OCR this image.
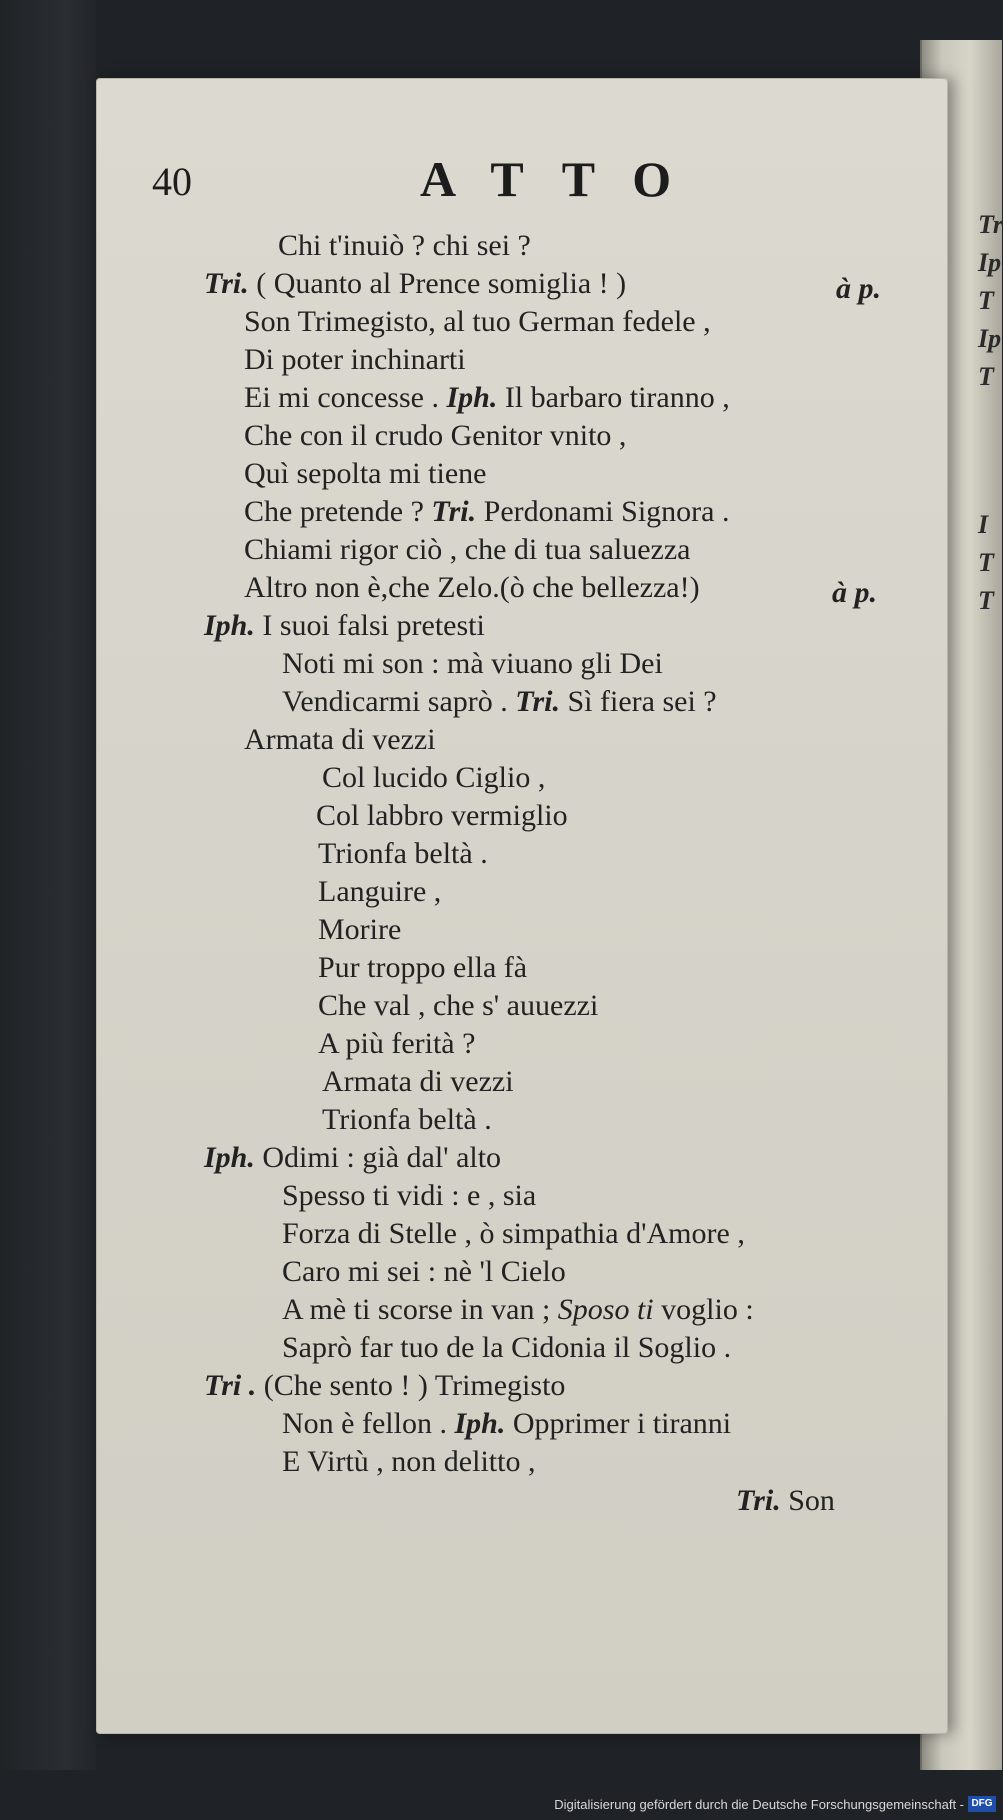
Tr
Ip
T
Ip
T
I
T
T
40	ATTO
Chi t'inuiò ? chi sei ?
Tri. ( Quanto al Prence somiglia ! )	à p.
Son Trimegisto, al tuo German fedele ,
Di poter inchinarti
Ei mi concesse . Iph. Il barbaro tiranno ,
Che con il crudo Genitor vnito ,
Quì sepolta mi tiene
Che pretende ? Tri. Perdonami Signora .
Chiami rigor ciò , che di tua saluezza
Altro non è,che Zelo.(ò che bellezza!)	à p.
Iph. I suoi falsi pretesti
Noti mi son : mà viuano gli Dei
Vendicarmi saprò . Tri. Sì fiera sei ?
Armata di vezzi
Col lucido Ciglio ,
Col labbro vermiglio
Trionfa beltà .
Languire ,
Morire
Pur troppo ella fà
Che val , che s' auuezzi
A più ferità ?
Armata di vezzi
Trionfa beltà .
Iph. Odimi : già dal' alto
Spesso ti vidi : e , sia
Forza di Stelle , ò simpathia d'Amore ,
Caro mi sei : nè 'l Cielo
A mè ti scorse in van ; Sposo ti voglio :
Saprò far tuo de la Cidonia il Soglio .
Tri . (Che sento ! ) Trimegisto
Non è fellon . Iph. Opprimer i tiranni
E Virtù , non delitto ,
Tri. Son
Digitalisierung gefördert durch die Deutsche Forschungsgemeinschaft - DFG
